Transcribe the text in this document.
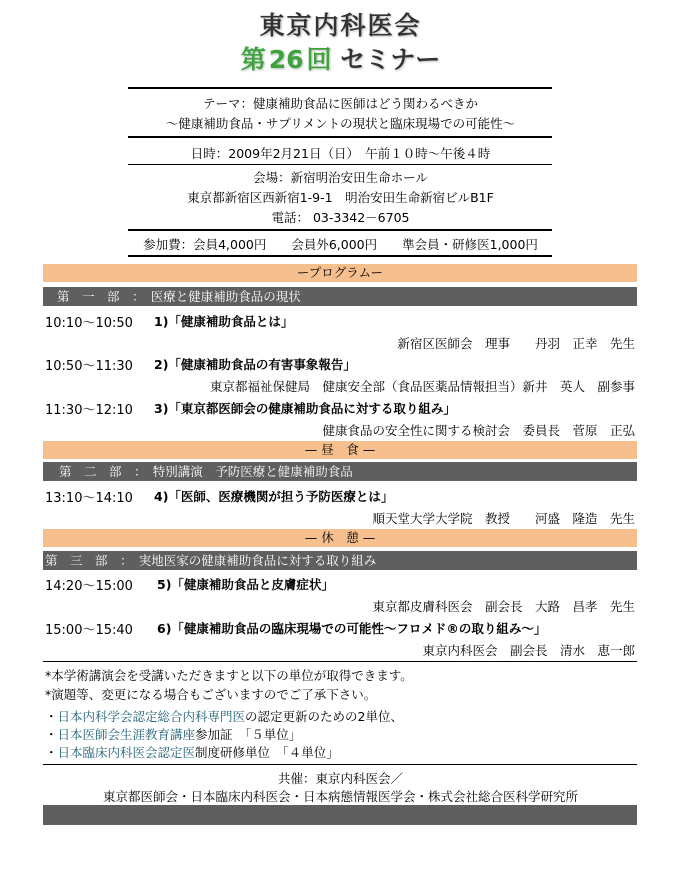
東京内科医会
第 26 回 セミナー
テーマ：健康補助食品に医師はどう関わるべきか
〜健康補助食品・サプリメントの現状と臨床現場での可能性〜
日時：2009年2月21日（日）　午前１０時〜午後４時
会場：新宿明治安田生命ホール
東京都新宿区西新宿1-9-1　明治安田生命新宿ビルB1F
電話： 03-3342－6705
参加費：会員4,000円　　会員外6,000円　　準会員・研修医1,000円
ープログラムー
第　一　部　：　医療と健康補助食品の現状
10:10〜10:50 1)「健康補助食品とは」
新宿区医師会　理事　　丹羽　正幸　先生
10:50〜11:30 2)「健康補助食品の有害事象報告」
東京都福祉保健局　健康安全部（食品医薬品情報担当）新井　英人　副参事
11:30〜12:10 3)「東京都医師会の健康補助食品に対する取り組み」
健康食品の安全性に関する検討会　委員長　菅原　正弘
— 昼　食 —
第　二　部　：　特別講演　予防医療と健康補助食品
13:10〜14:10 4)「医師、医療機関が担う予防医療とは」
順天堂大学大学院　教授　　河盛　隆造　先生
— 休　憩 —
第　三　部　：　実地医家の健康補助食品に対する取り組み
14:20〜15:00 5)「健康補助食品と皮膚症状」
東京都皮膚科医会　副会長　大路　昌孝　先生
15:00〜15:40 6)「健康補助食品の臨床現場での可能性〜フロメド®の取り組み〜」
東京内科医会　副会長　清水　恵一郎
*本学術講演会を受講いただきますと以下の単位が取得できます。
*演題等、変更になる場合もございますのでご了承下さい。
・日本内科学会認定総合内科専門医の認定更新のための2単位、
・日本医師会生涯教育講座参加証　「５単位」
・日本臨床内科医会認定医制度研修単位　「４単位」
共催：東京内科医会／
東京都医師会・日本臨床内科医会・日本病態情報医学会・株式会社総合医科学研究所
